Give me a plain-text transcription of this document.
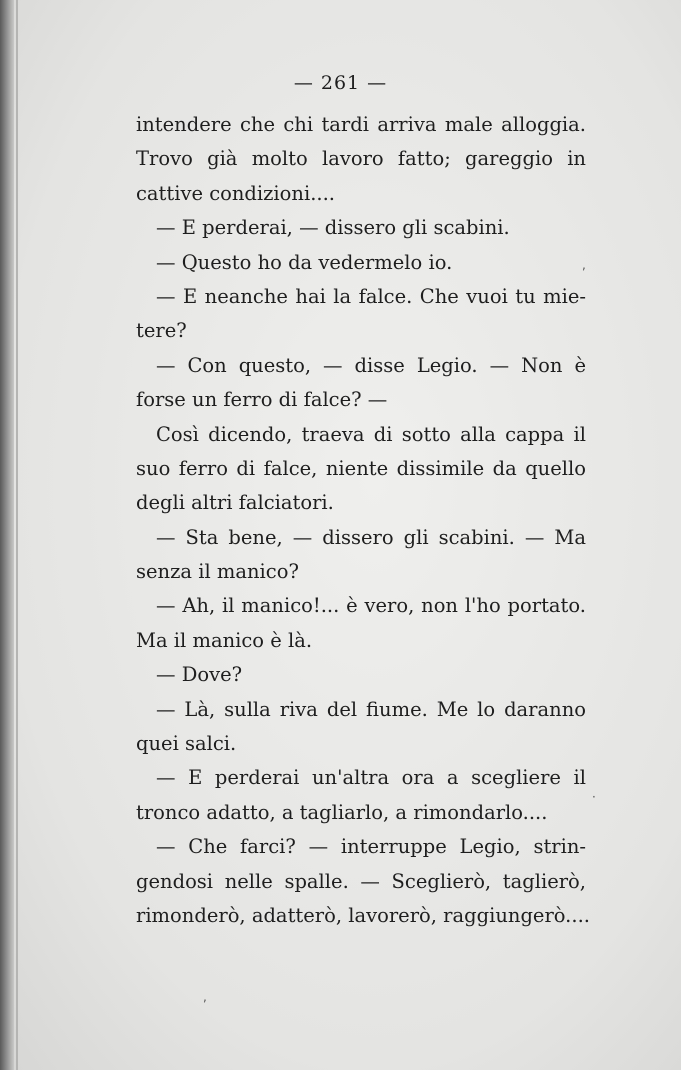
— 261 —
intendere che chi tardi arriva male alloggia.
Trovo già molto lavoro fatto; gareggio in
cattive condizioni....
— E perderai, — dissero gli scabini.
— Questo ho da vedermelo io.
— E neanche hai la falce. Che vuoi tu mie-
tere?
— Con questo, — disse Legio. — Non è
forse un ferro di falce? —
Così dicendo, traeva di sotto alla cappa il
suo ferro di falce, niente dissimile da quello
degli altri falciatori.
— Sta bene, — dissero gli scabini. — Ma
senza il manico?
— Ah, il manico!... è vero, non l'ho portato.
Ma il manico è là.
— Dove?
— Là, sulla riva del fiume. Me lo daranno
quei salci.
— E perderai un'altra ora a scegliere il
tronco adatto, a tagliarlo, a rimondarlo....
— Che farci? — interruppe Legio, strin-
gendosi nelle spalle. — Sceglierò, taglierò,
rimonderò, adatterò, lavorerò, raggiungerò....
,
·
,
